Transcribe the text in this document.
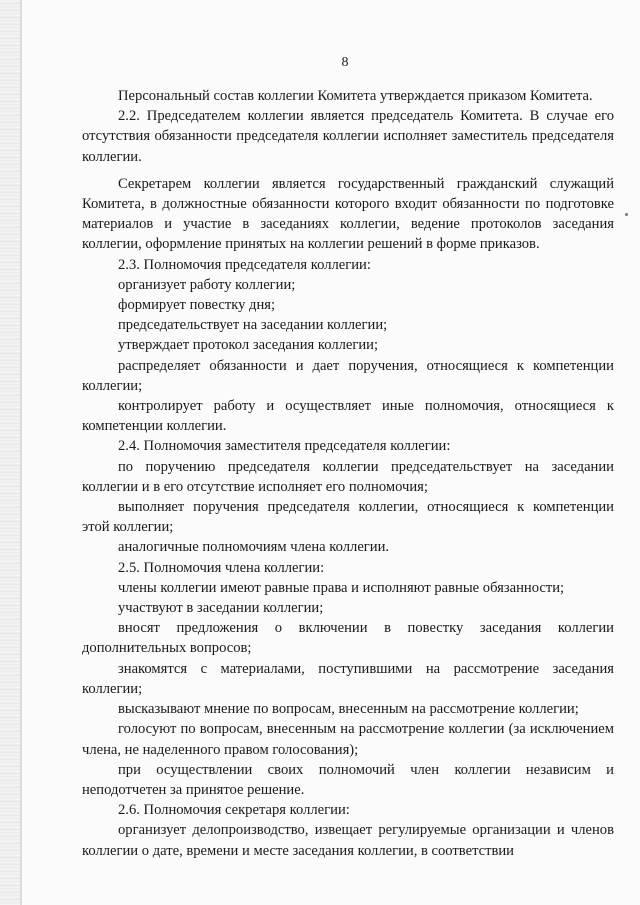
8

Персональный состав коллегии Комитета утверждается приказом Комитета.

2.2. Председателем коллегии является председатель Комитета. В случае его отсутствия обязанности председателя коллегии исполняет заместитель председателя коллегии.

Секретарем коллегии является государственный гражданский служащий Комитета, в должностные обязанности которого входит обязанности по подготовке материалов и участие в заседаниях коллегии, ведение протоколов заседания коллегии, оформление принятых на коллегии решений в форме приказов.

2.3. Полномочия председателя коллегии:

организует работу коллегии;

формирует повестку дня;

председательствует на заседании коллегии;

утверждает протокол заседания коллегии;

распределяет обязанности и дает поручения, относящиеся к компетенции коллегии;

контролирует работу и осуществляет иные полномочия, относящиеся к компетенции коллегии.

2.4. Полномочия заместителя председателя коллегии:

по поручению председателя коллегии председательствует на заседании коллегии и в его отсутствие исполняет его полномочия;

выполняет поручения председателя коллегии, относящиеся к компетенции этой коллегии;

аналогичные полномочиям члена коллегии.

2.5. Полномочия члена коллегии:

члены коллегии имеют равные права и исполняют равные обязанности;

участвуют в заседании коллегии;

вносят предложения о включении в повестку заседания коллегии дополнительных вопросов;

знакомятся с материалами, поступившими на рассмотрение заседания коллегии;

высказывают мнение по вопросам, внесенным на рассмотрение коллегии;

голосуют по вопросам, внесенным на рассмотрение коллегии (за исключением члена, не наделенного правом голосования);

при осуществлении своих полномочий член коллегии независим и неподотчетен за принятое решение.

2.6. Полномочия секретаря коллегии:

организует делопроизводство, извещает регулируемые организации и членов коллегии о дате, времени и месте заседания коллегии, в соответствии
